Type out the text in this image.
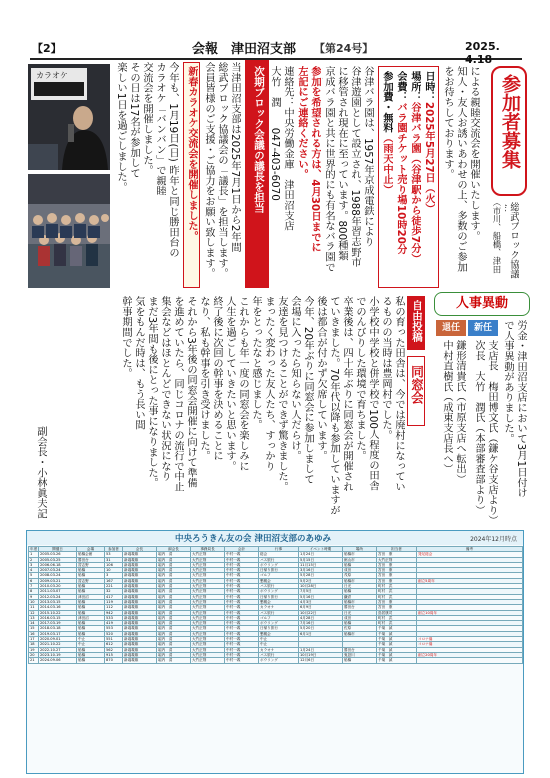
【2】	会報　津田沼支部 【第24号】	2025. 4.18
参加者募集
総武ブロック協議
（市川、船橋、津田
による親睦交流会を開催いたします。
知人・友人お誘いあわせの上、多数のご参加
をお待ちしております。
日時：2025年5月27日（火）
場所：谷津バラ園（谷津駅から徒歩7分）
会費：バラ園チケット売り場10時20分
参加費・無料（雨天中止）
谷津バラ園は、1957年京成電鉄により
谷津遊園として設立され、1988年習志野市
に移管され現在に至っています。800種類
京成バラ園と共に世界的にも有名なバラ園で
参加を希望される方は、4月30日までに
左記にご連絡ください。
連絡先：中央労働金庫　津田沼支店
大竹　潤　　047-403-6070
次期ブロック会議の議長を担当
当津田沼支部は2025年7月1日から2年間
総武ブロック協議会の「議長」を担当します。
会員皆様のご支援・ご協力をお願い致します。
新春カラオケ交流会を開催しました。
今年も、1月19日(日) 昨年と同じ勝田台の
カラオケ「バンバン」で親睦
交流会を開催しました。
その日は17名が参加して
楽しい1日を過ごしました。
カラオケ
人事異動
労金・津田沼支店において3月1日付け
で人事異動がありました。
新任
退任
支店長　梅田博文氏（鎌ケ谷支店より）
次長　大竹　潤氏（本部審査部より）
鎌形清貴氏（市原支店へ転出）
中村直樹氏（成東支店長へ）
自由投稿
同窓会
私の育った田舎は、今では廃村になってい
るものの当時は豊岡村でした。
小学校中学校と併学校で100人程度の田舎
でのんびりした環境で育ちました。
卒業後は、四十年ぶりに同窓会が開催され
ていきました。70年代以降も参加していますが
後は都合が付かず欠席しています。
今年、20年ぶりに同窓会に参加しまして
会場に入ったら知らない人だらけ。
友達を見つけることができず驚きました。
まったく変わった友人たち、すっかり
年をとったなと感じました。
これからも年一度の同窓会を楽しみに
人生を過ごしていきたいと思います。
終了後に次回の幹事を決めることに
なり、私も幹事を引き受けました。
それから3年後の同窓会開催に向けて準備
を進めていたら、同じコロナの流行で中止
集会などはほとんどできない状況になり
まだ3年間も後にとった事になりました。
気をもんだ時は、もう長い間
幹事期間でした。
副会長・小林眞夫記
中央ろうきん友の会 津田沼支部のあゆみ	2024年12月時点
年度	開催日	会場	参加者	会長	副会長	事務局長	会計	行事	イベント時期	場所	担当者	備考
1	2005.03.26	船橋会館	53	新堀義雄	堀内　清	大竹正則	中村一義	総会	1月24日	船橋市	宮田　康	発足総会
2	2005.03.25	勝田台	31	新堀義雄	堀内　清	大竹正則	中村一義	バス旅行	5月15日	館山市	大竹正則	
3	2006.06.18	習志野	106	新堀義雄	堀内　清	大竹正則	中村一義	ボウリング	11月15日	船橋	宮田　康	
4	2007.03.24	船橋	10	新堀義雄	堀内　清	大竹正則	中村一義	日帰り旅行	3月16日	成田	宮田　康	
5	2008.03.24	船橋	3	新堀義雄	堀内　清	大竹正則	中村一義	ゴルフ	5月28日	茂原	宮田　康	
6	2009.03.21	習志野	167	新堀義雄	堀内　清	大竹正則	中村一義	懇親会	5月2日	船橋市	宮田　康	創立5周年
7	2010.03.20	船橋	221	新堀義雄	堀内　清	大竹正則	中村一義	バス旅行	10月28日	日光	町村　武	
8	2011.03.07	船橋	32	新堀義雄	堀内　清	大竹正則	中村一義	ボウリング	7月5日	船橋	町村　武	
9	2012.03.24	津田沼	417	新堀義雄	堀内　清	大竹正則	中村一義	日帰り旅行	5月16日	鎌倉	町村　武	
10	2013.03.15	船橋	119	新堀義雄	堀内　清	大竹正則	中村一義	懇親会	4月3日	船橋市	宮田　康	
11	2014.03.16	船橋	112	新堀義雄	堀内　清	大竹正則	中村一義	カラオケ	6月9日	勝田台	宮田　康	
12	2015.10.22	船橋	942	新堀義雄	堀内　清	大竹正則	中村一義	バス旅行	10月22日	日光	鳥居康司	創立10周年
13	2016.03.15	津田沼	533	新堀義雄	堀内　清	大竹正則	中村一義	ゴルフ	4月28日	成田	町村　武	
14	2017.03.19	船橋	419	新堀義雄	堀内　清	大竹正則	中村一義	ボウリング	7月16日	船橋	町村　武	
15	2018.03.18	船橋	553	新堀義雄	堀内　清	大竹正則	中村一義	日帰り旅行	5月20日	佐原	千葉　誠	
16	2019.03.17	船橋	520	新堀義雄	堀内　清	大竹正則	中村一義	懇親会	6月1日	船橋市	千葉　誠	
17	2020.09.01	中止	551	新堀義雄	堀内　清	大竹正則	中村一義	中止			千葉　誠	コロナ禍
18	2021.10.22	中止	612	新堀義雄	堀内　清	大竹正則	中村一義	中止			千葉　誠	コロナ禍
19	2022.10.27	船橋	562	新堀義雄	堀内　清	大竹正則	中村一義	カラオケ	1月24日	勝田台	千葉　誠	
20	2023.10.19	船橋	915	新堀義雄	堀内　清	大竹正則	中村一義	バス旅行	10月19日	鬼怒川	千葉　誠	創立20周年
21	2024.09.06	船橋	870	新堀義雄	堀内　清	大竹正則	中村一義	ボウリング	12月6日	船橋	千葉　誠	
